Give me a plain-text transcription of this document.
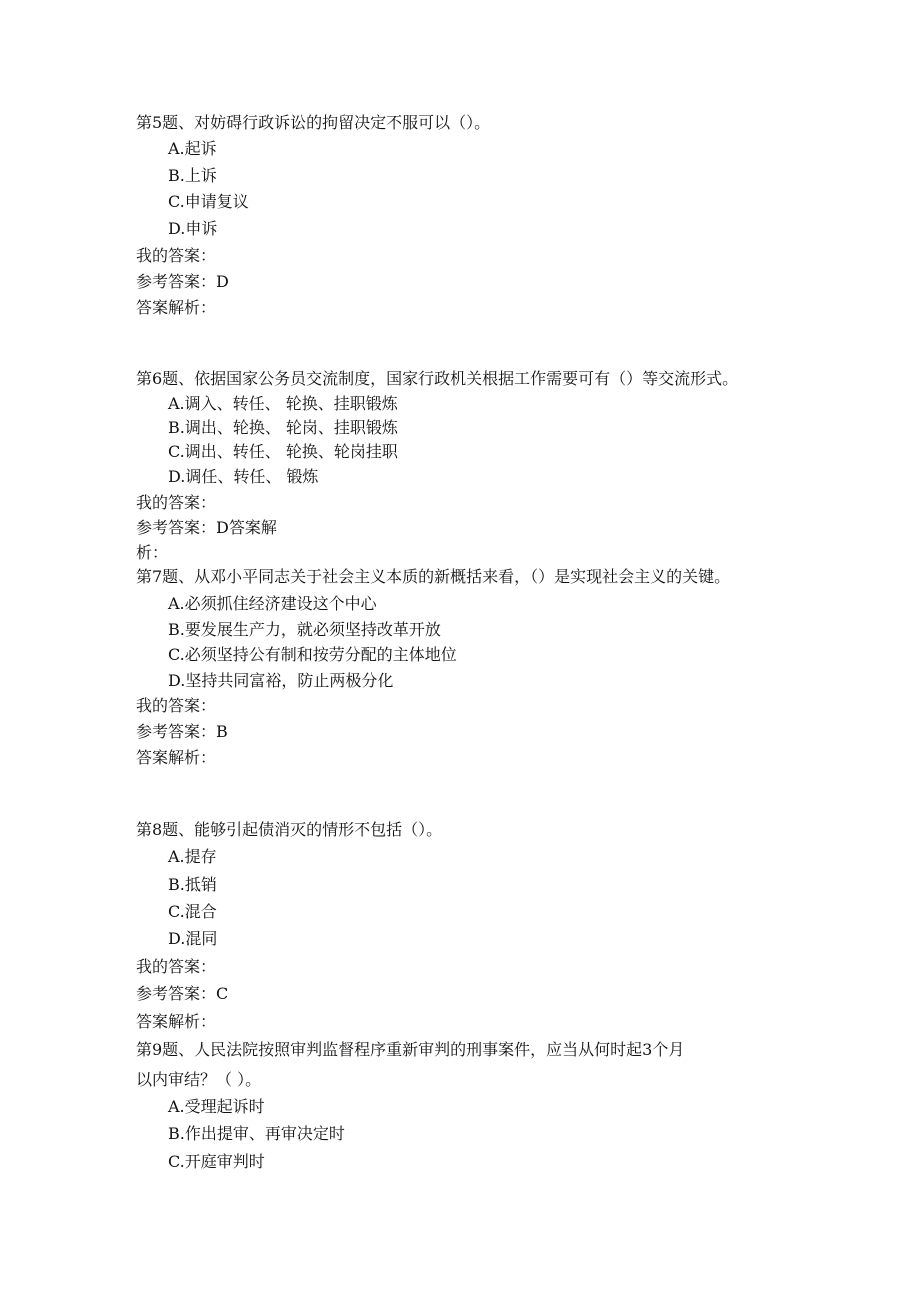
第5题、对妨碍行政诉讼的拘留决定不服可以（）。
A.起诉
B.上诉
C.申请复议
D.申诉
我的答案：
参考答案：D
答案解析：
第6题、依据国家公务员交流制度，国家行政机关根据工作需要可有（）等交流形式。
A.调入、转任、 轮换、挂职锻炼
B.调出、轮换、 轮岗、挂职锻炼
C.调出、转任、 轮换、轮岗挂职
D.调任、转任、 锻炼
我的答案：
参考答案：D答案解
析：
第7题、从邓小平同志关于社会主义本质的新概括来看，（）是实现社会主义的关键。
A.必须抓住经济建设这个中心
B.要发展生产力，就必须坚持改革开放
C.必须坚持公有制和按劳分配的主体地位
D.坚持共同富裕，防止两极分化
我的答案：
参考答案：B
答案解析：
第8题、能够引起债消灭的情形不包括（）。
A.提存
B.抵销
C.混合
D.混同
我的答案：
参考答案：C
答案解析：
第9题、人民法院按照审判监督程序重新审判的刑事案件，应当从何时起3个月
以内审结？（ ）。
A.受理起诉时
B.作出提审、再审决定时
C.开庭审判时
